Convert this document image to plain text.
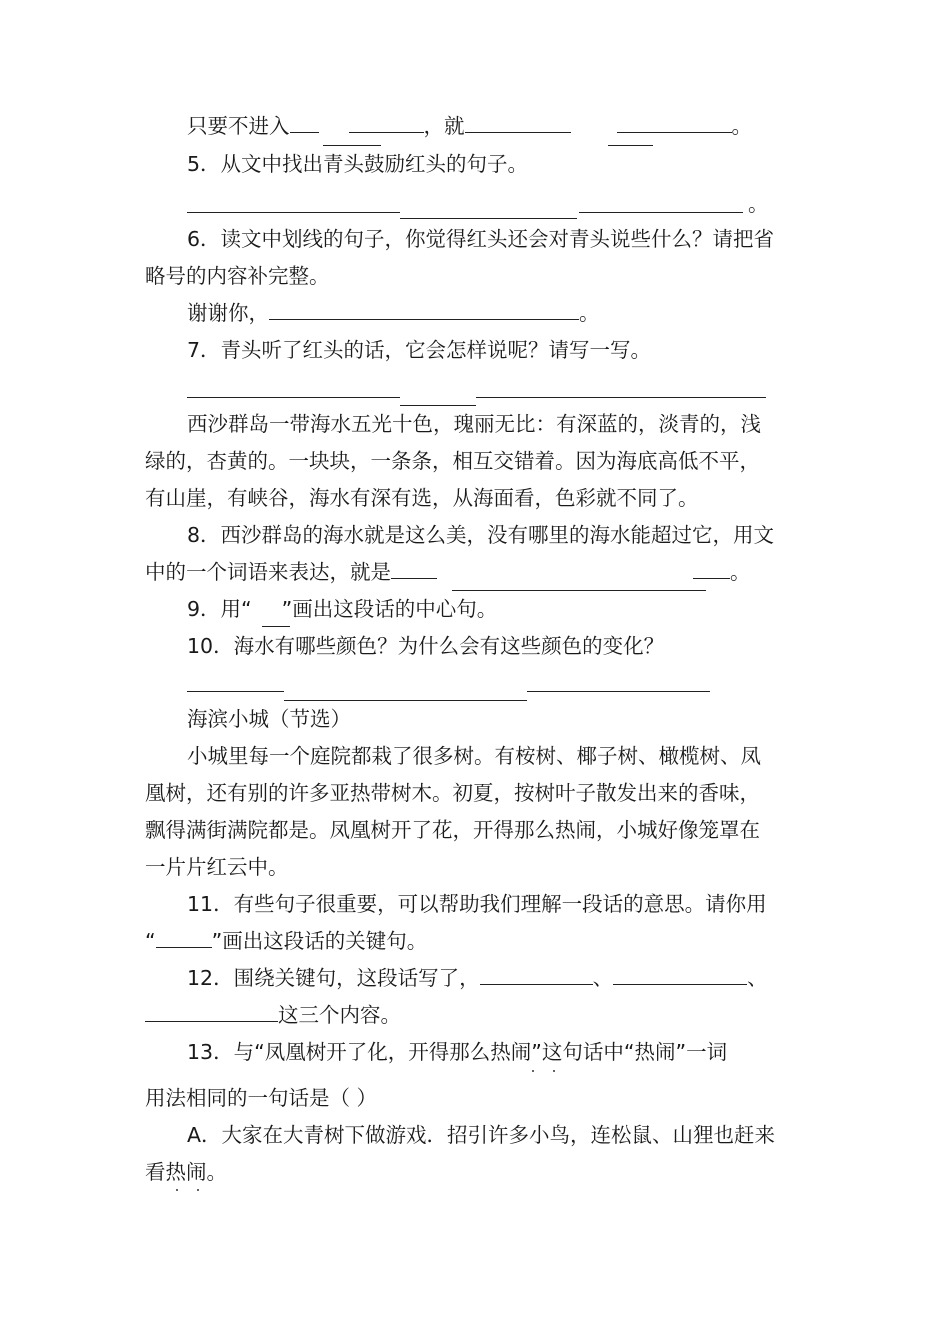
只要不进入	，就	。
5．从文中找出青头鼓励红头的句子。
。
6．读文中划线的句子，你觉得红头还会对青头说些什么？请把省
略号的内容补完整。
谢谢你，	。
7．青头听了红头的话，它会怎样说呢？请写一写。
西沙群岛一带海水五光十色，瑰丽无比：有深蓝的，淡青的，浅
绿的，杏黄的。一块块，一条条，相互交错着。因为海底高低不平，
有山崖，有峡谷，海水有深有选，从海面看，色彩就不同了。
8．西沙群岛的海水就是这么美，没有哪里的海水能超过它，用文
中的一个词语来表达，就是	。
9．用“ ”画出这段话的中心句。
10．海水有哪些颜色？为什么会有这些颜色的变化？
海滨小城（节选）
小城里每一个庭院都栽了很多树。有桉树、椰子树、橄榄树、凤
凰树，还有别的许多亚热带树木。初夏，按树叶子散发出来的香味，
飘得满街满院都是。凤凰树开了花，开得那么热闹，小城好像笼罩在
一片片红云中。
11．有些句子很重要，可以帮助我们理解一段话的意思。请你用
“	”画出这段话的关键句。
12．围绕关键句，这段话写了，	、	、
这三个内容。
13．与“凤凰树开了化，开得那么热闹”这句话中“热闹”一词
用法相同的一句话是（ ）
A．大家在大青树下做游戏．招引许多小鸟，连松鼠、山狸也赶来
看热闹。
